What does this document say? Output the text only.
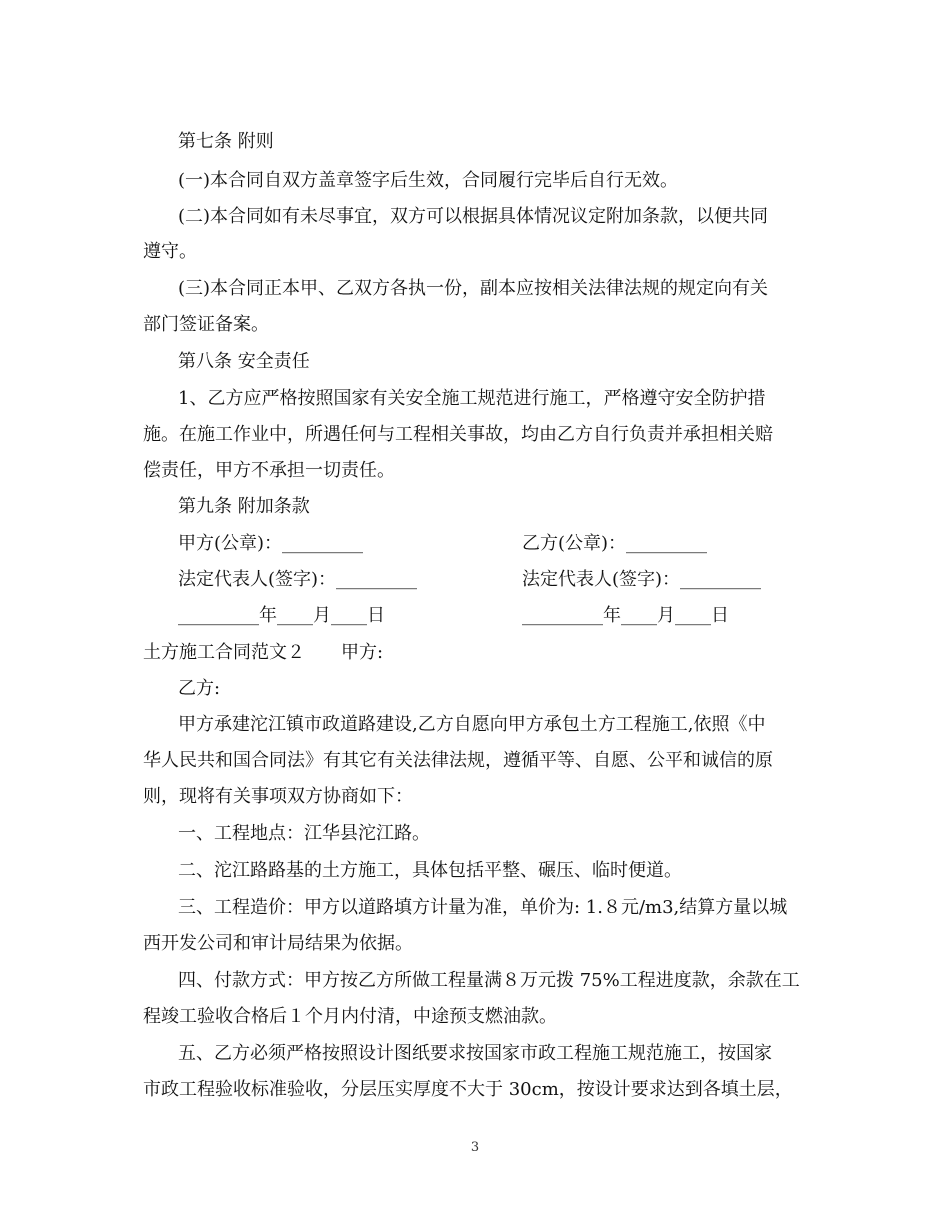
第七条 附则
(一)本合同自双方盖章签字后生效，合同履行完毕后自行无效。
(二)本合同如有未尽事宜，双方可以根据具体情况议定附加条款，以便共同
遵守。
(三)本合同正本甲、乙双方各执一份，副本应按相关法律法规的规定向有关
部门签证备案。
第八条 安全责任
1、乙方应严格按照国家有关安全施工规范进行施工，严格遵守安全防护措
施。在施工作业中，所遇任何与工程相关事故，均由乙方自行负责并承担相关赔
偿责任，甲方不承担一切责任。
第九条 附加条款
甲方(公章)：_________	乙方(公章)：_________
法定代表人(签字)：_________	法定代表人(签字)：_________
_________年____月____日	_________年____月____日
土方施工合同范文２　　甲方:
乙方:
甲方承建沱江镇市政道路建设,乙方自愿向甲方承包土方工程施工,依照《中
华人民共和国合同法》有其它有关法律法规，遵循平等、自愿、公平和诚信的原
则，现将有关事项双方协商如下：
一、工程地点：江华县沱江路。
二、沱江路路基的土方施工，具体包括平整、碾压、临时便道。
三、工程造价：甲方以道路填方计量为准，单价为: 1.８元/m3,结算方量以城
西开发公司和审计局结果为依据。
四、付款方式：甲方按乙方所做工程量满８万元拨 75%工程进度款，余款在工
程竣工验收合格后１个月内付清，中途预支燃油款。
五、乙方必须严格按照设计图纸要求按国家市政工程施工规范施工，按国家
市政工程验收标准验收，分层压实厚度不大于 30cm，按设计要求达到各填土层，
3
